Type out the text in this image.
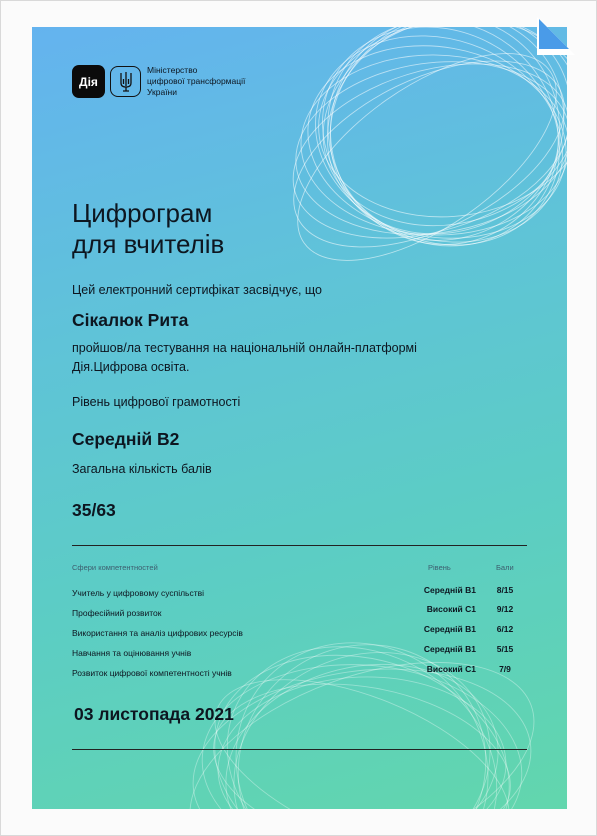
Дія
Міністерство
цифрової трансформації
України
Цифрограм
для вчителів
Цей електронний сертифікат засвідчує, що
Сікалюк Рита
пройшов/ла тестування на національній онлайн-платформі
Дія.Цифрова освіта.
Рівень цифрової грамотності
Середній В2
Загальна кількість балів
35/63
Сфери компетентностей	Рівень	Бали
Учитель у цифровому суспільстві	Середній В1	8/15
Професійний розвиток	Високий С1	9/12
Використання та аналіз цифрових ресурсів	Середній В1	6/12
Навчання та оцінювання учнів	Середній В1	5/15
Розвиток цифрової компетентності учнів	Високий С1	7/9
03 листопада 2021
